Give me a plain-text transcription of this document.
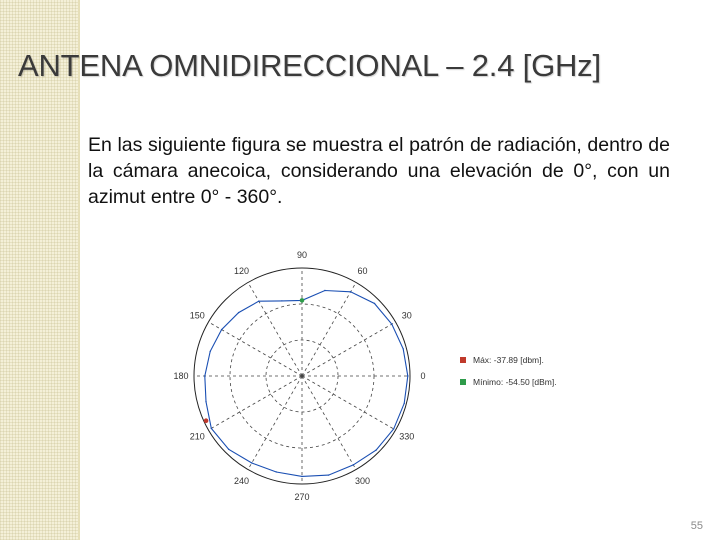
ANTENA OMNIDIRECCIONAL – 2.4 [GHz]
En las siguiente figura se muestra el patrón de radiación, dentro de la cámara anecoica, considerando una elevación de 0°, con un azimut entre 0° - 360°.
90
60
30
0
330
300
270
240
210
180
150
120
Máx: -37.89 [dbm].
Mínimo: -54.50 [dBm].
55
